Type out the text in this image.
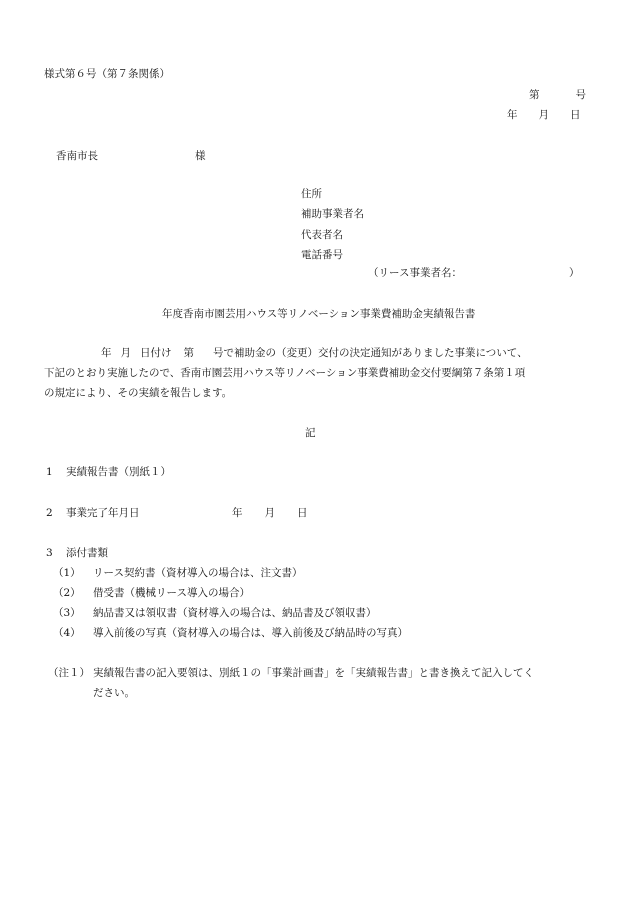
様式第６号（第７条関係）
第	号
年 月 日
香南市長	様
住所
補助事業者名
代表者名
電話番号
（リース事業者名：	）
年度香南市園芸用ハウス等リノベーション事業費補助金実績報告書
年 月 日付け 第 号で補助金の（変更）交付の決定通知がありました事業について、
下記のとおり実施したので、香南市園芸用ハウス等リノベーション事業費補助金交付要綱第７条第１項
の規定により、その実績を報告します。
記
1 実績報告書（別紙１）
2 事業完了年月日	年 月 日
3 添付書類
（1） リース契約書（資材導入の場合は、注文書）
（2） 借受書（機械リース導入の場合）
（3） 納品書又は領収書（資材導入の場合は、納品書及び領収書）
（4） 導入前後の写真（資材導入の場合は、導入前後及び納品時の写真）
（注１） 実績報告書の記入要領は、別紙１の「事業計画書」を「実績報告書」と書き換えて記入してく
ださい。
